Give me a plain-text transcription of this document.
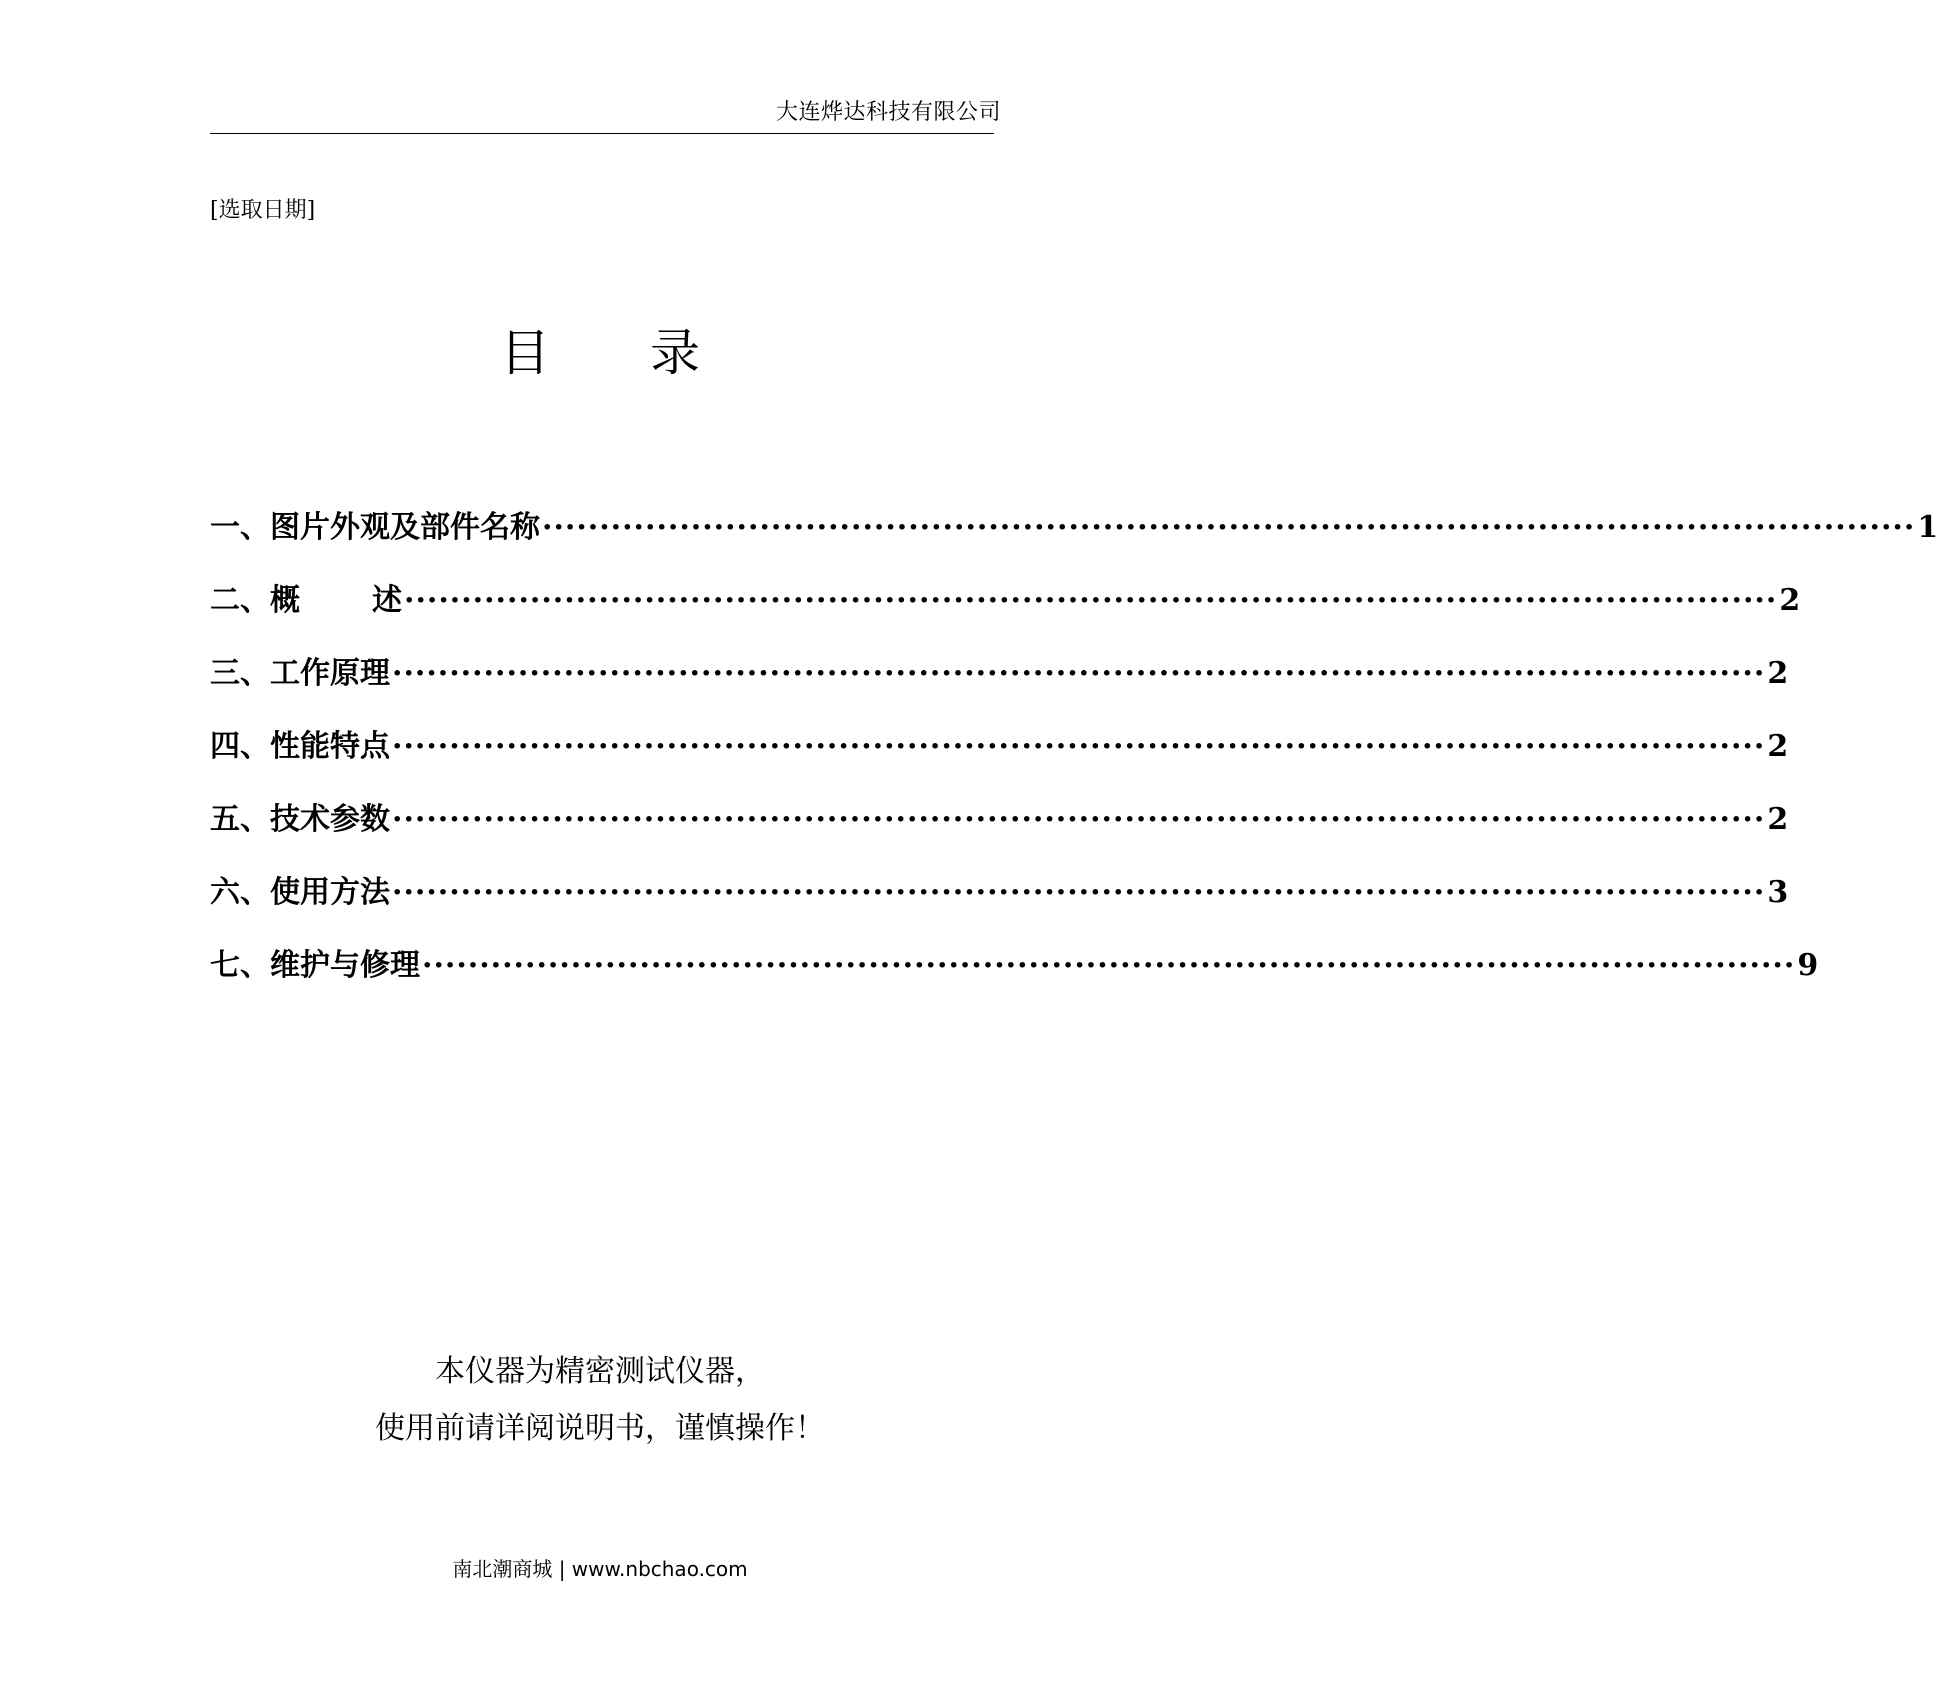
大连烨达科技有限公司
[选取日期]
目 录
一、图片外观及部件名称 ························································································································ 1
二、概 述 ························································································································ 2
三、工作原理 ························································································································ 2
四、性能特点 ························································································································ 2
五、技术参数 ························································································································ 2
六、使用方法 ························································································································ 3
七、维护与修理 ························································································································ 9
本仪器为精密测试仪器，
使用前请详阅说明书，谨慎操作！
南北潮商城 | www.nbchao.com
